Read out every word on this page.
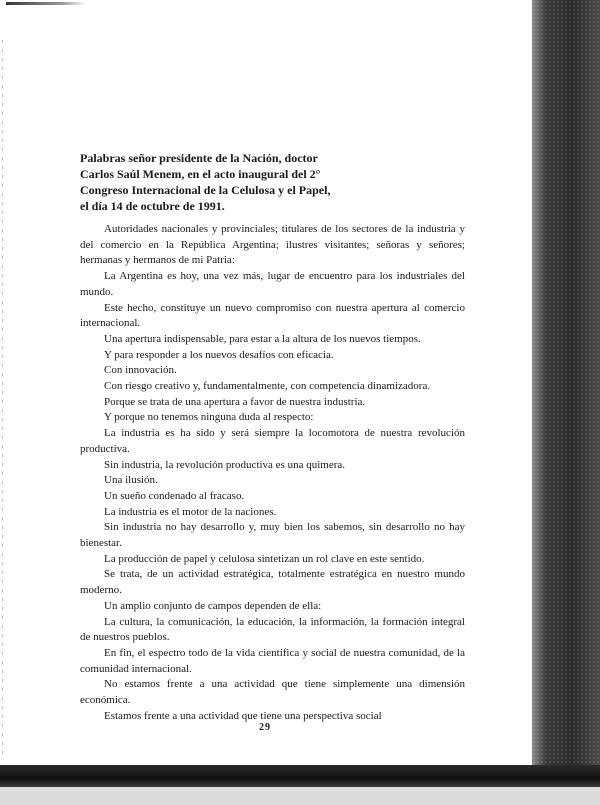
Palabras señor presidente de la Nación, doctor
Carlos Saúl Menem, en el acto inaugural del 2°
Congreso Internacional de la Celulosa y el Papel,
el día 14 de octubre de 1991.

Autoridades nacionales y provinciales; titulares de los sectores de la industria y del comercio en la República Argentina; ilustres visitantes; señoras y señores; hermanas y hermanos de mi Patria:

La Argentina es hoy, una vez más, lugar de encuentro para los industriales del mundo.

Este hecho, constituye un nuevo compromiso con nuestra apertura al comercio internacional.

Una apertura indispensable, para estar a la altura de los nuevos tiempos.

Y para responder a los nuevos desafíos con eficacia.

Con innovación.

Con riesgo creativo y, fundamentalmente, con competencia dinamizadora.

Porque se trata de una apertura a favor de nuestra industria.

Y porque no tenemos ninguna duda al respecto:

La industria es ha sido y será siempre la locomotora de nuestra revolución productiva.

Sin industria, la revolución productiva es una quimera.

Una ilusión.

Un sueño condenado al fracaso.

La industria es el motor de la naciones.

Sin industria no hay desarrollo y, muy bien los sabemos, sin desarrollo no hay bienestar.

La producción de papel y celulosa sintetizan un rol clave en este sentido.

Se trata, de un actividad estratégica, totalmente estratégica en nuestro mundo moderno.

Un amplio conjunto de campos dependen de ella:

La cultura, la comunicación, la educación, la información, la formación integral de nuestros pueblos.

En fin, el espectro todo de la vida científica y social de nuestra comunidad, de la comunidad internacional.

No estamos frente a una actividad que tiene simplemente una dimensión económica.

Estamos frente a una actividad que tiene una perspectiva social

29
